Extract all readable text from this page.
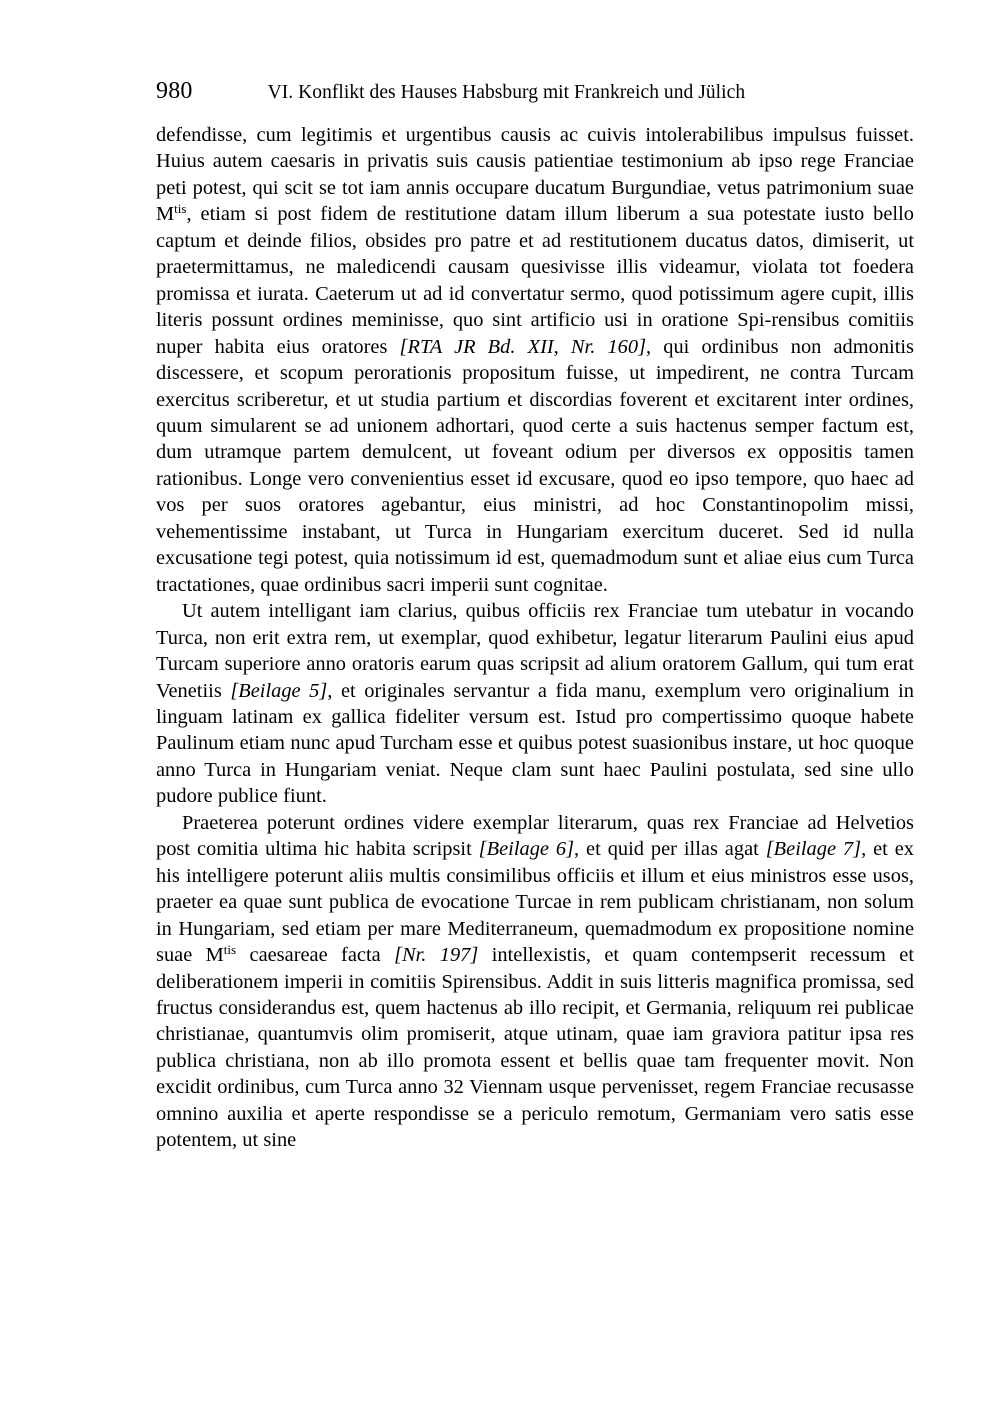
980	VI. Konflikt des Hauses Habsburg mit Frankreich und Jülich

defendisse, cum legitimis et urgentibus causis ac cuivis intolerabilibus impulsus fuisset. Huius autem caesaris in privatis suis causis patientiae testimonium ab ipso rege Franciae peti potest, qui scit se tot iam annis occupare ducatum Burgundiae, vetus patrimonium suae $M^{tis}$, etiam si post fidem de restitutione datam illum liberum a sua potestate iusto bello captum et deinde filios, obsides pro patre et ad restitutionem ducatus datos, dimiserit, ut praetermittamus, ne maledicendi causam quesivisse illis videamur, violata tot foedera promissa et iurata. Caeterum ut ad id convertatur sermo, quod potissimum agere cupit, illis literis possunt ordines meminisse, quo sint artificio usi in oratione Spi-rensibus comitiis nuper habita eius oratores [RTA JR Bd. XII, Nr. 160], qui ordinibus non admonitis discessere, et scopum perorationis propositum fuisse, ut impedirent, ne contra Turcam exercitus scriberetur, et ut studia partium et discordias foverent et excitarent inter ordines, quum simularent se ad unionem adhortari, quod certe a suis hactenus semper factum est, dum utramque partem demulcent, ut foveant odium per diversos ex oppositis tamen rationibus. Longe vero convenientius esset id excusare, quod eo ipso tempore, quo haec ad vos per suos oratores agebantur, eius ministri, ad hoc Constantinopolim missi, vehementissime instabant, ut Turca in Hungariam exercitum duceret. Sed id nulla excusatione tegi potest, quia notissimum id est, quemadmodum sunt et aliae eius cum Turca tractationes, quae ordinibus sacri imperii sunt cognitae.

Ut autem intelligant iam clarius, quibus officiis rex Franciae tum utebatur in vocando Turca, non erit extra rem, ut exemplar, quod exhibetur, legatur literarum Paulini eius apud Turcam superiore anno oratoris earum quas scripsit ad alium oratorem Gallum, qui tum erat Venetiis [Beilage 5], et originales servantur a fida manu, exemplum vero originalium in linguam latinam ex gallica fideliter versum est. Istud pro compertissimo quoque habete Paulinum etiam nunc apud Turcham esse et quibus potest suasionibus instare, ut hoc quoque anno Turca in Hungariam veniat. Neque clam sunt haec Paulini postulata, sed sine ullo pudore publice fiunt.

Praeterea poterunt ordines videre exemplar literarum, quas rex Franciae ad Helvetios post comitia ultima hic habita scripsit [Beilage 6], et quid per illas agat [Beilage 7], et ex his intelligere poterunt aliis multis consimilibus officiis et illum et eius ministros esse usos, praeter ea quae sunt publica de evocatione Turcae in rem publicam christianam, non solum in Hungariam, sed etiam per mare Mediterraneum, quemadmodum ex propositione nomine suae $M^{tis}$ caesareae facta [Nr. 197] intellexistis, et quam contempserit recessum et deliberationem imperii in comitiis Spirensibus. Addit in suis litteris magnifica promissa, sed fructus considerandus est, quem hactenus ab illo recipit, et Germania, reliquum rei publicae christianae, quantumvis olim promiserit, atque utinam, quae iam graviora patitur ipsa res publica christiana, non ab illo promota essent et bellis quae tam frequenter movit. Non excidit ordinibus, cum Turca anno 32 Viennam usque pervenisset, regem Franciae recusasse omnino auxilia et aperte respondisse se a periculo remotum, Germaniam vero satis esse potentem, ut sine
